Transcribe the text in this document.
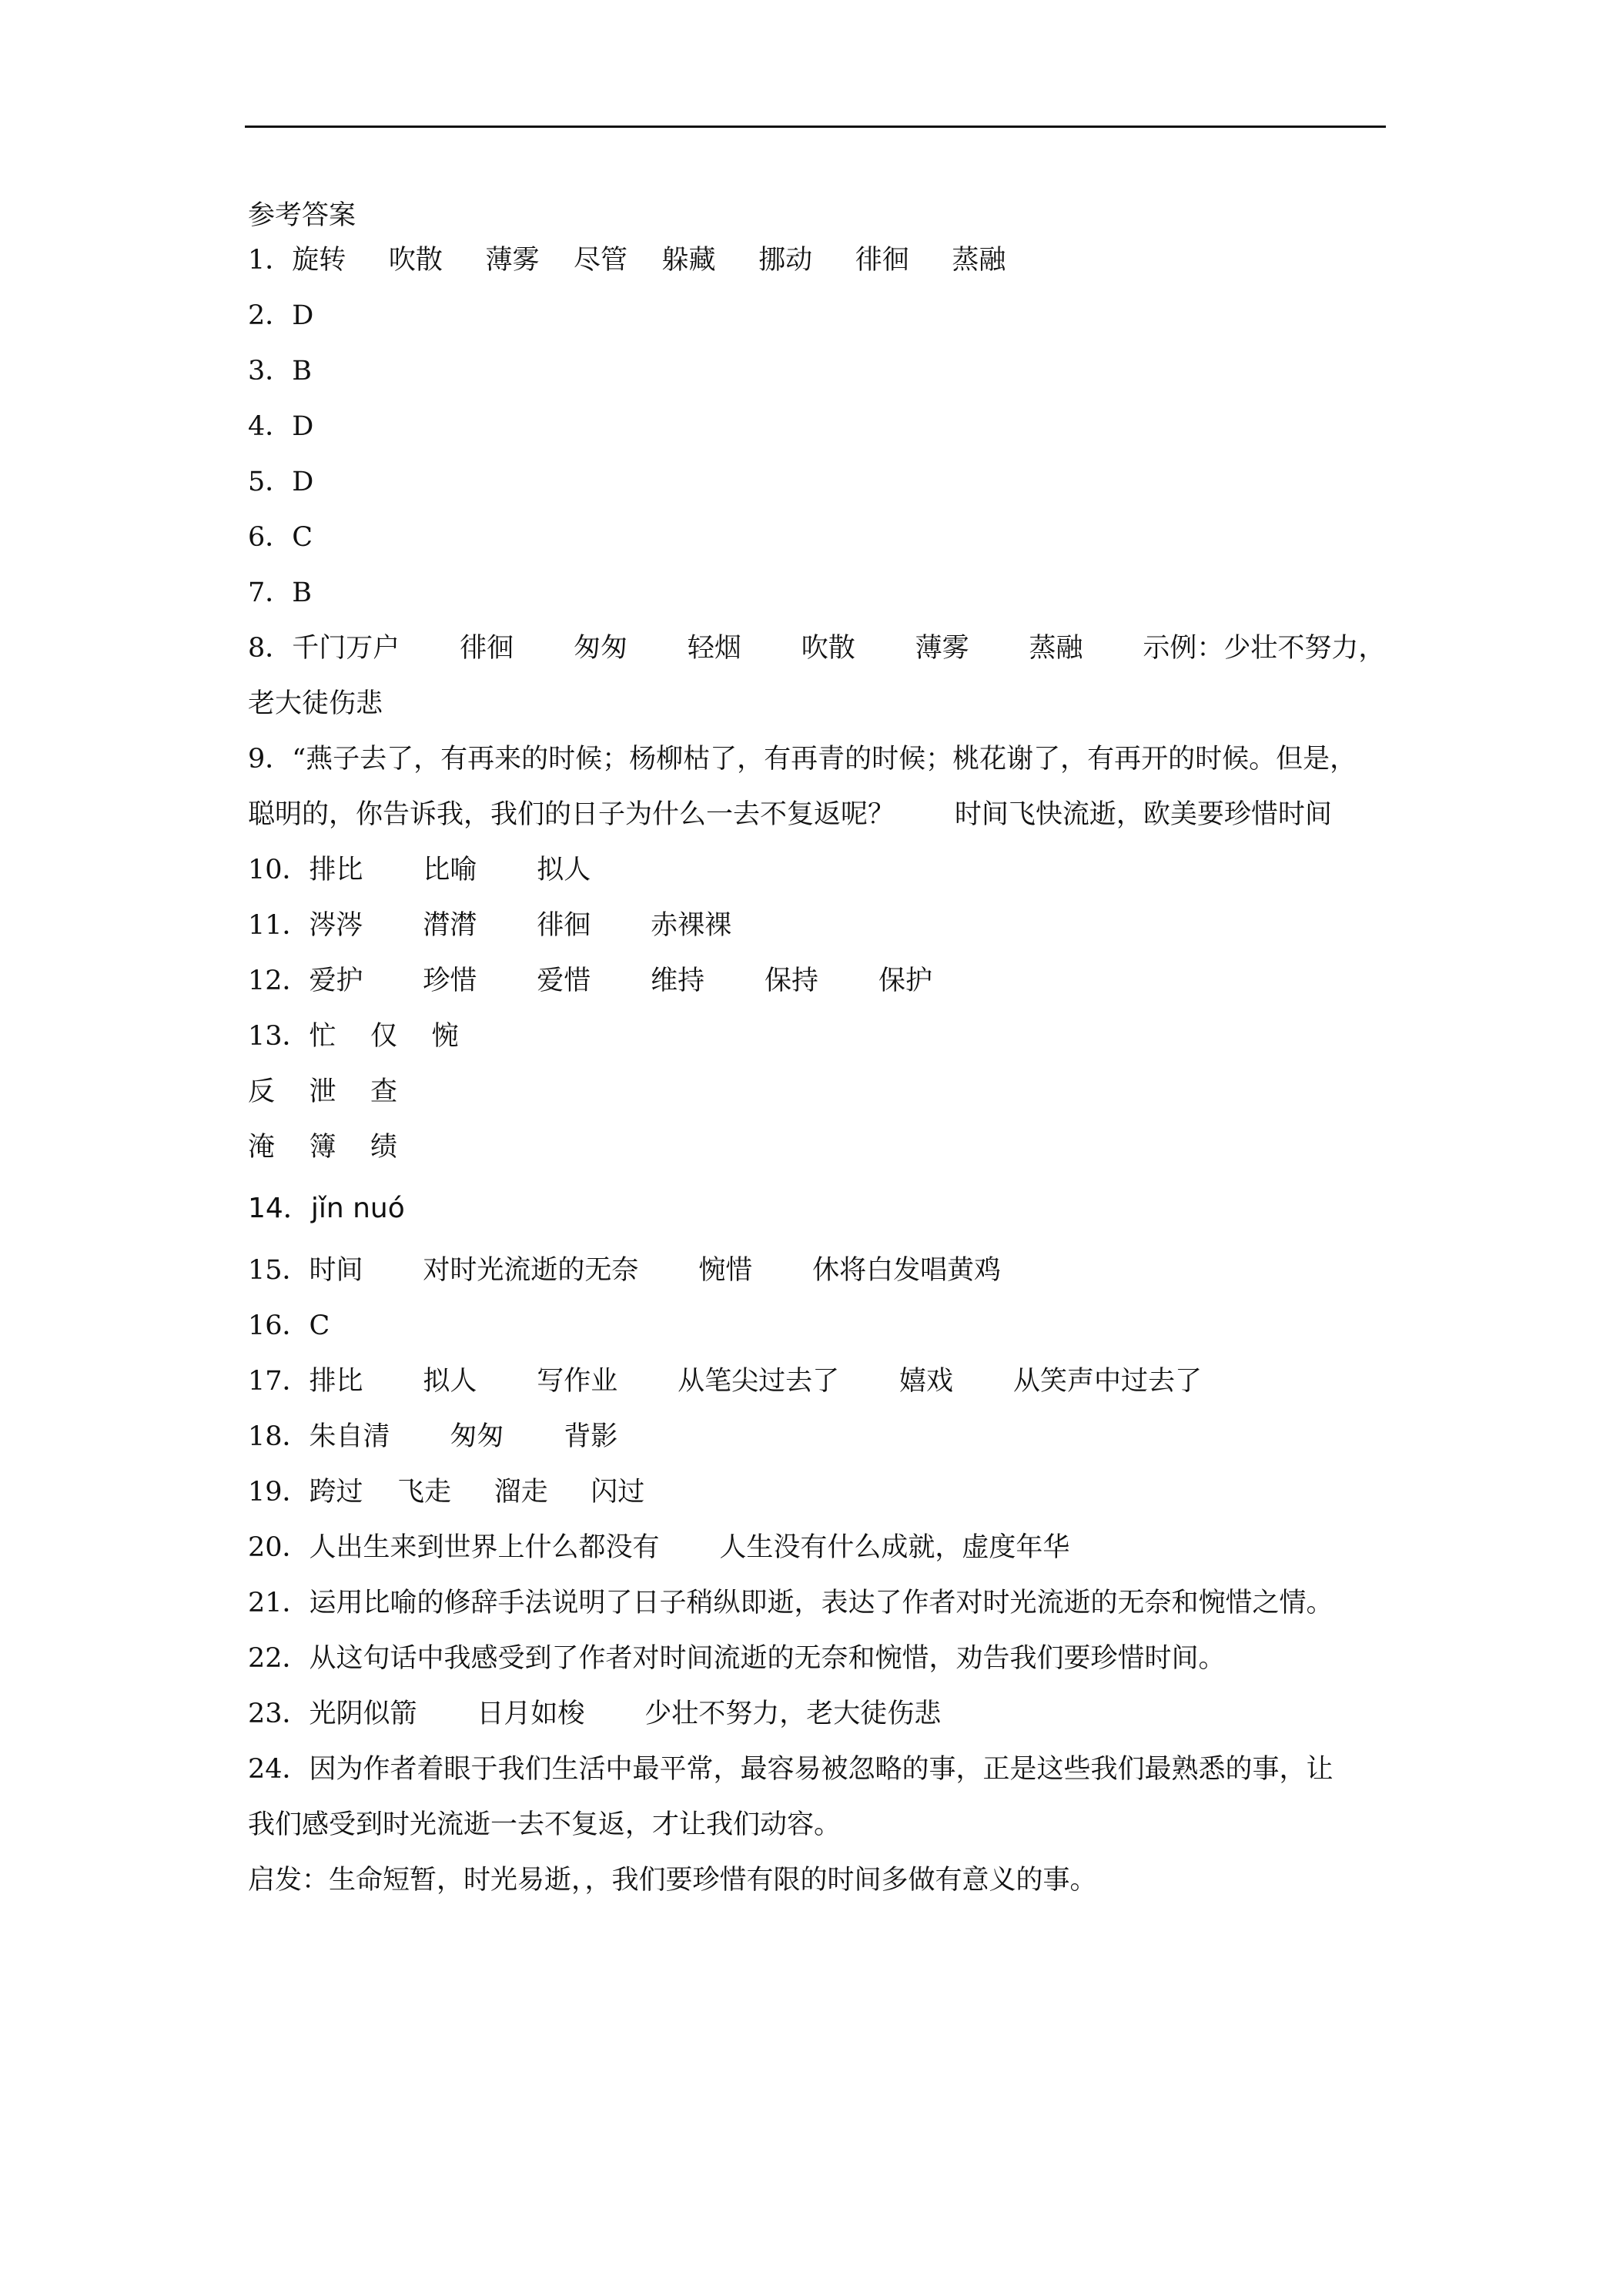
参考答案
1．旋转     吹散     薄雾    尽管    躲藏     挪动     徘徊     蒸融
2．D
3．B
4．D
5．D
6．C
7．B
8．千门万户       徘徊       匆匆       轻烟       吹散       薄雾       蒸融       示例：少壮不努力，
老大徒伤悲
9．“燕子去了，有再来的时候；杨柳枯了，有再青的时候；桃花谢了，有再开的时候。但是，
聪明的，你告诉我，我们的日子为什么一去不复返呢？       时间飞快流逝，欧美要珍惜时间
10．排比       比喻       拟人
11．涔涔       潸潸       徘徊       赤裸裸
12．爱护       珍惜       爱惜       维持       保持       保护
13．忙    仅    惋
反    泄    查
淹    簿    绩
14．jǐn nuó
15．时间       对时光流逝的无奈       惋惜       休将白发唱黄鸡
16．C
17．排比       拟人       写作业       从笔尖过去了       嬉戏       从笑声中过去了
18．朱自清       匆匆       背影
19．跨过    飞走     溜走     闪过
20．人出生来到世界上什么都没有       人生没有什么成就，虚度年华
21．运用比喻的修辞手法说明了日子稍纵即逝，表达了作者对时光流逝的无奈和惋惜之情。
22．从这句话中我感受到了作者对时间流逝的无奈和惋惜，劝告我们要珍惜时间。
23．光阴似箭       日月如梭       少壮不努力，老大徒伤悲
24．因为作者着眼于我们生活中最平常，最容易被忽略的事，正是这些我们最熟悉的事，让
我们感受到时光流逝一去不复返，才让我们动容。
启发：生命短暂，时光易逝，，我们要珍惜有限的时间多做有意义的事。
